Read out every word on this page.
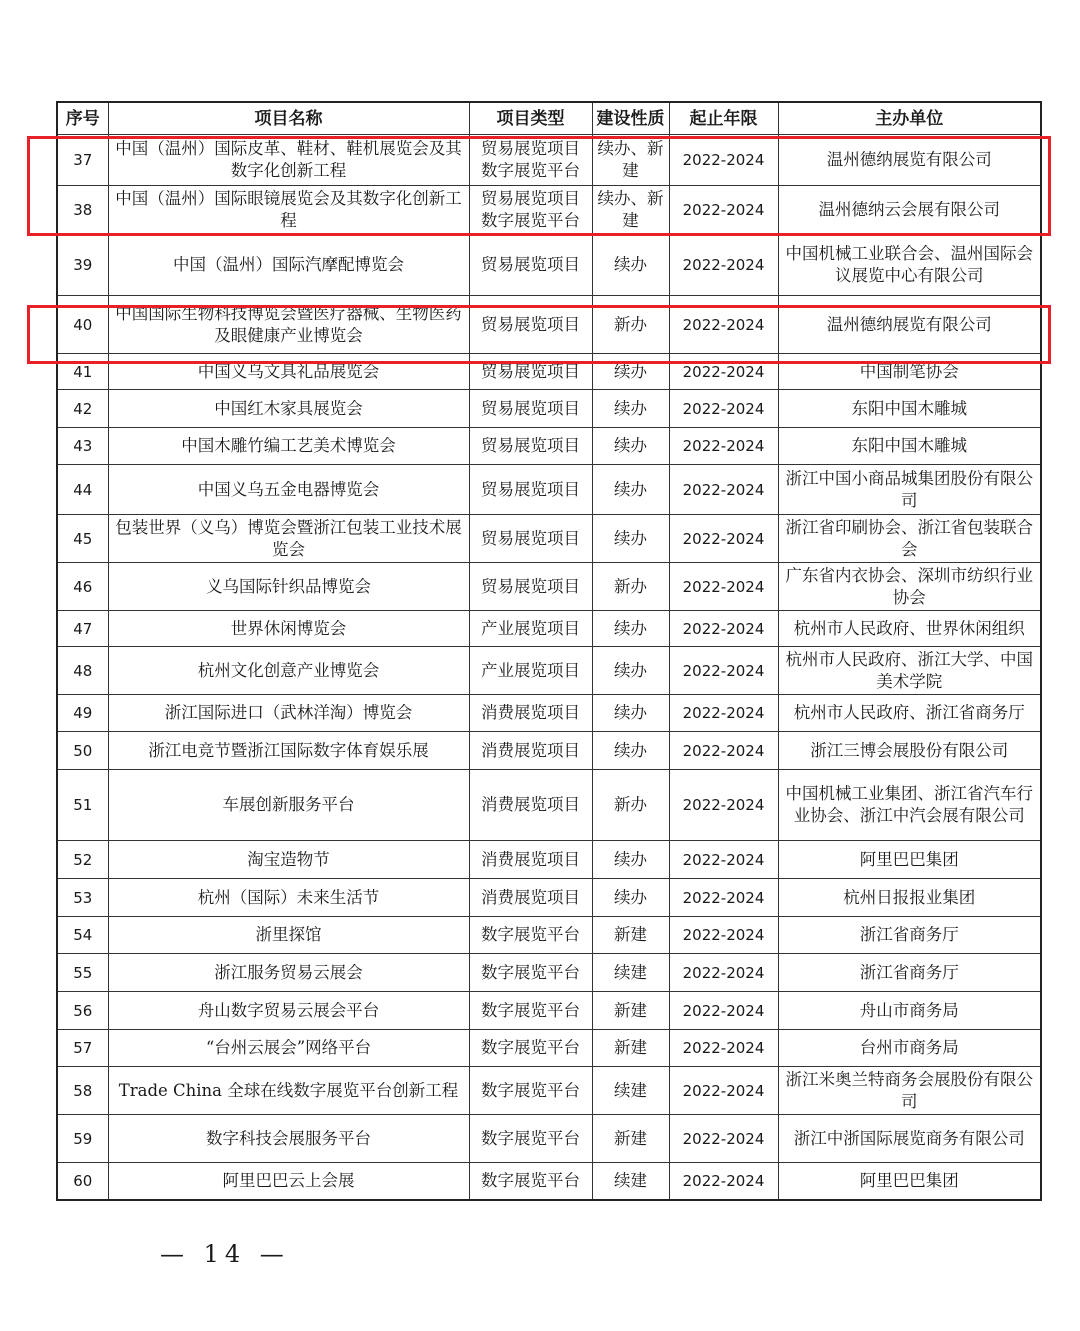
序号	项目名称	项目类型	建设性质	起止年限	主办单位
37	中国（温州）国际皮革、鞋材、鞋机展览会及其数字化创新工程	贸易展览项目 数字展览平台	续办、新建	2022-2024	温州德纳展览有限公司
38	中国（温州）国际眼镜展览会及其数字化创新工程	贸易展览项目 数字展览平台	续办、新建	2022-2024	温州德纳云会展有限公司
39	中国（温州）国际汽摩配博览会	贸易展览项目	续办	2022-2024	中国机械工业联合会、温州国际会议展览中心有限公司
40	中国国际生物科技博览会暨医疗器械、生物医药及眼健康产业博览会	贸易展览项目	新办	2022-2024	温州德纳展览有限公司
41	中国义乌文具礼品展览会	贸易展览项目	续办	2022-2024	中国制笔协会
42	中国红木家具展览会	贸易展览项目	续办	2022-2024	东阳中国木雕城
43	中国木雕竹编工艺美术博览会	贸易展览项目	续办	2022-2024	东阳中国木雕城
44	中国义乌五金电器博览会	贸易展览项目	续办	2022-2024	浙江中国小商品城集团股份有限公司
45	包装世界（义乌）博览会暨浙江包装工业技术展览会	贸易展览项目	续办	2022-2024	浙江省印刷协会、浙江省包装联合会
46	义乌国际针织品博览会	贸易展览项目	新办	2022-2024	广东省内衣协会、深圳市纺织行业协会
47	世界休闲博览会	产业展览项目	续办	2022-2024	杭州市人民政府、世界休闲组织
48	杭州文化创意产业博览会	产业展览项目	续办	2022-2024	杭州市人民政府、浙江大学、中国美术学院
49	浙江国际进口（武林洋淘）博览会	消费展览项目	续办	2022-2024	杭州市人民政府、浙江省商务厅
50	浙江电竞节暨浙江国际数字体育娱乐展	消费展览项目	续办	2022-2024	浙江三博会展股份有限公司
51	车展创新服务平台	消费展览项目	新办	2022-2024	中国机械工业集团、浙江省汽车行业协会、浙江中汽会展有限公司
52	淘宝造物节	消费展览项目	续办	2022-2024	阿里巴巴集团
53	杭州（国际）未来生活节	消费展览项目	续办	2022-2024	杭州日报报业集团
54	浙里探馆	数字展览平台	新建	2022-2024	浙江省商务厅
55	浙江服务贸易云展会	数字展览平台	续建	2022-2024	浙江省商务厅
56	舟山数字贸易云展会平台	数字展览平台	新建	2022-2024	舟山市商务局
57	“台州云展会”网络平台	数字展览平台	新建	2022-2024	台州市商务局
58	Trade China 全球在线数字展览平台创新工程	数字展览平台	续建	2022-2024	浙江米奥兰特商务会展股份有限公司
59	数字科技会展服务平台	数字展览平台	新建	2022-2024	浙江中浙国际展览商务有限公司
60	阿里巴巴云上会展	数字展览平台	续建	2022-2024	阿里巴巴集团
— 14 —
